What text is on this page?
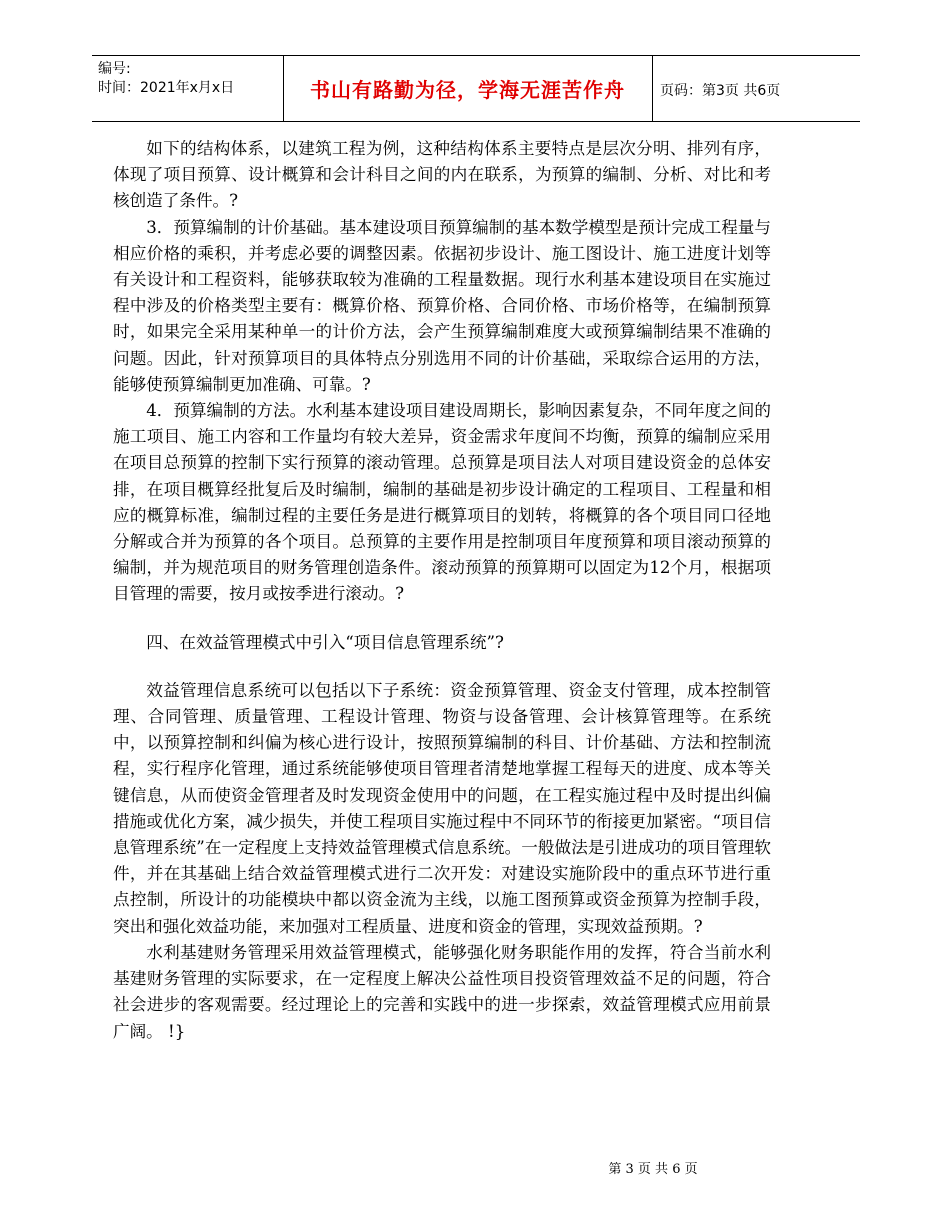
编号:
时间：2021年x月x日	书山有路勤为径，学海无涯苦作舟	页码：第3页 共6页

如下的结构体系，以建筑工程为例，这种结构体系主要特点是层次分明、排列有序，体现了项目预算、设计概算和会计科目之间的内在联系，为预算的编制、分析、对比和考核创造了条件。?

3．预算编制的计价基础。基本建设项目预算编制的基本数学模型是预计完成工程量与相应价格的乘积，并考虑必要的调整因素。依据初步设计、施工图设计、施工进度计划等有关设计和工程资料，能够获取较为准确的工程量数据。现行水利基本建设项目在实施过程中涉及的价格类型主要有：概算价格、预算价格、合同价格、市场价格等，在编制预算时，如果完全采用某种单一的计价方法，会产生预算编制难度大或预算编制结果不准确的问题。因此，针对预算项目的具体特点分别选用不同的计价基础，采取综合运用的方法，能够使预算编制更加准确、可靠。?

4．预算编制的方法。水利基本建设项目建设周期长，影响因素复杂，不同年度之间的施工项目、施工内容和工作量均有较大差异，资金需求年度间不均衡，预算的编制应采用在项目总预算的控制下实行预算的滚动管理。总预算是项目法人对项目建设资金的总体安排，在项目概算经批复后及时编制，编制的基础是初步设计确定的工程项目、工程量和相应的概算标准，编制过程的主要任务是进行概算项目的划转，将概算的各个项目同口径地分解或合并为预算的各个项目。总预算的主要作用是控制项目年度预算和项目滚动预算的编制，并为规范项目的财务管理创造条件。滚动预算的预算期可以固定为12个月，根据项目管理的需要，按月或按季进行滚动。?

四、在效益管理模式中引入“项目信息管理系统”?

效益管理信息系统可以包括以下子系统：资金预算管理、资金支付管理，成本控制管理、合同管理、质量管理、工程设计管理、物资与设备管理、会计核算管理等。在系统中，以预算控制和纠偏为核心进行设计，按照预算编制的科目、计价基础、方法和控制流程，实行程序化管理，通过系统能够使项目管理者清楚地掌握工程每天的进度、成本等关键信息，从而使资金管理者及时发现资金使用中的问题，在工程实施过程中及时提出纠偏措施或优化方案，减少损失，并使工程项目实施过程中不同环节的衔接更加紧密。“项目信息管理系统”在一定程度上支持效益管理模式信息系统。一般做法是引进成功的项目管理软件，并在其基础上结合效益管理模式进行二次开发：对建设实施阶段中的重点环节进行重点控制，所设计的功能模块中都以资金流为主线，以施工图预算或资金预算为控制手段，突出和强化效益功能，来加强对工程质量、进度和资金的管理，实现效益预期。?

水利基建财务管理采用效益管理模式，能够强化财务职能作用的发挥，符合当前水利基建财务管理的实际要求，在一定程度上解决公益性项目投资管理效益不足的问题，符合社会进步的客观需要。经过理论上的完善和实践中的进一步探索，效益管理模式应用前景广阔。 !}

第 3 页 共 6 页
